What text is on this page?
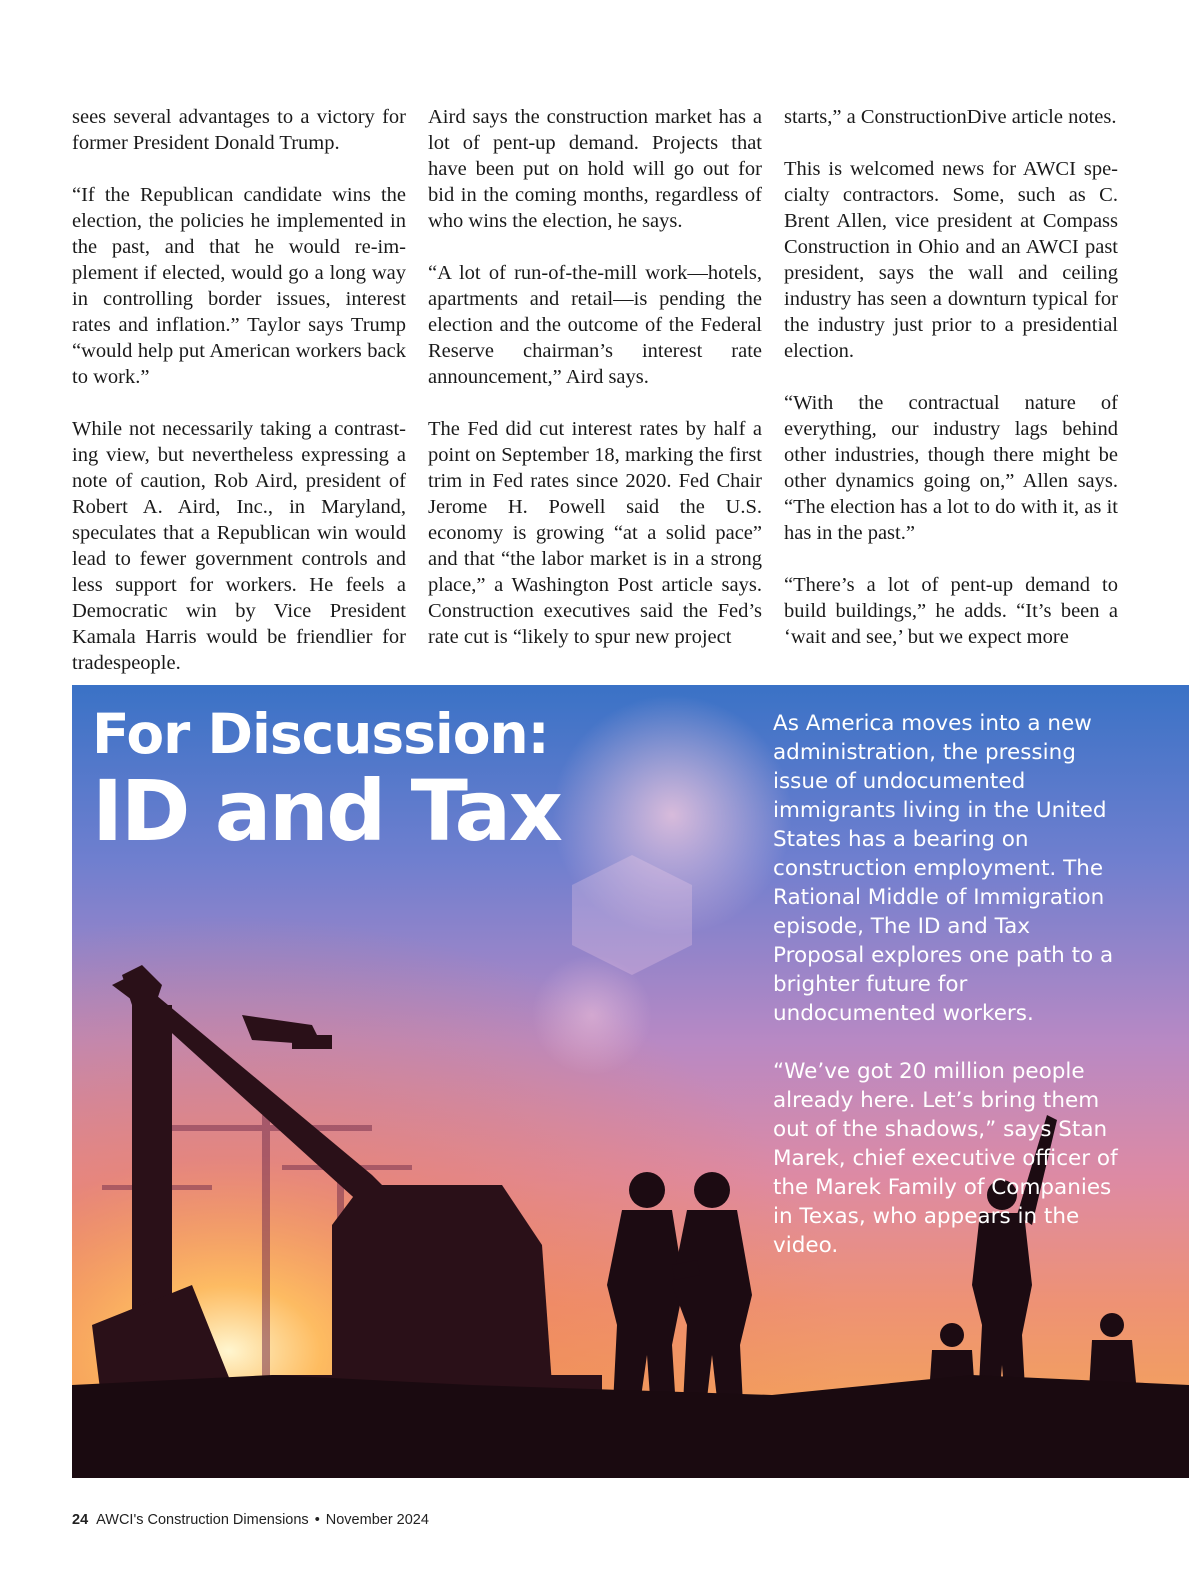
sees several advantages to a victory for former President Donald Trump.

“If the Republican candidate wins the election, the policies he implemented in the past, and that he would re-implement if elected, would go a long way in controlling border issues, interest rates and inflation.” Taylor says Trump “would help put American workers back to work.”

While not necessarily taking a contrasting view, but nevertheless expressing a note of caution, Rob Aird, president of Robert A. Aird, Inc., in Maryland, speculates that a Republican win would lead to fewer government controls and less support for workers. He feels a Democratic win by Vice President Kamala Harris would be friendlier for tradespeople.

Aird says the construction market has a lot of pent-up demand. Projects that have been put on hold will go out for bid in the coming months, regardless of who wins the election, he says.

“A lot of run-of-the-mill work—hotels, apartments and retail—is pending the election and the outcome of the Federal Reserve chairman’s interest rate announcement,” Aird says.

The Fed did cut interest rates by half a point on September 18, marking the first trim in Fed rates since 2020. Fed Chair Jerome H. Powell said the U.S. economy is growing “at a solid pace” and that “the labor market is in a strong place,” a Washington Post article says. Construction executives said the Fed’s rate cut is “likely to spur new project

starts,” a ConstructionDive article notes.

This is welcomed news for AWCI specialty contractors. Some, such as C. Brent Allen, vice president at Compass Construction in Ohio and an AWCI past president, says the wall and ceiling industry has seen a downturn typical for the industry just prior to a presidential election.

“With the contractual nature of everything, our industry lags behind other industries, though there might be other dynamics going on,” Allen says. “The election has a lot to do with it, as it has in the past.”

“There’s a lot of pent-up demand to build buildings,” he adds. “It’s been a ‘wait and see,’ but we expect more

For Discussion:
ID and Tax

As America moves into a new administration, the pressing issue of undocumented immigrants living in the United States has a bearing on construction employment. The Rational Middle of Immigration episode, The ID and Tax Proposal explores one path to a brighter future for undocumented workers.

“We’ve got 20 million people already here. Let’s bring them out of the shadows,” says Stan Marek, chief executive officer of the Marek Family of Companies in Texas, who appears in the video.

24 AWCI's Construction Dimensions • November 2024
